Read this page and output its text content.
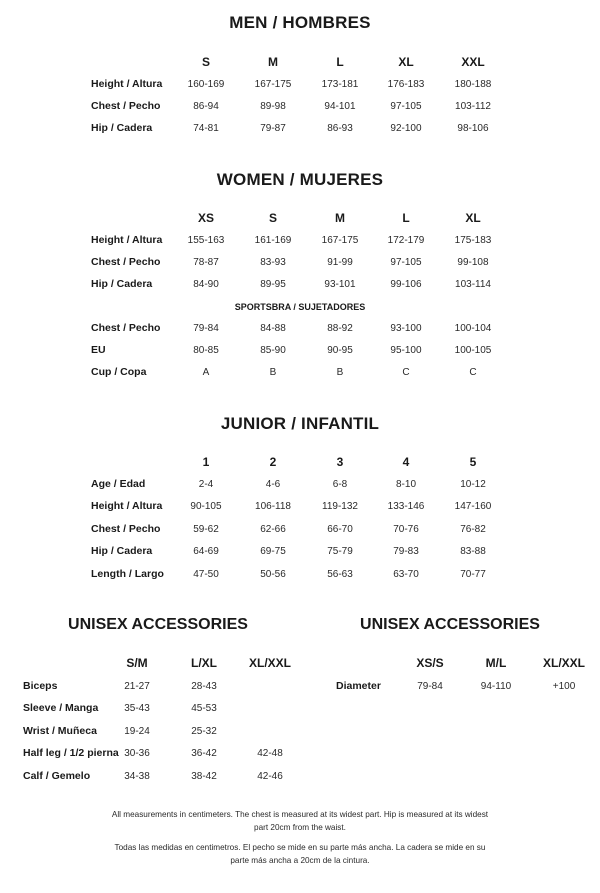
MEN / HOMBRES
S	M	L	XL	XXL
Height / Altura	160-169	167-175	173-181	176-183	180-188
Chest / Pecho	86-94	89-98	94-101	97-105	103-112
Hip / Cadera	74-81	79-87	86-93	92-100	98-106
WOMEN / MUJERES
XS	S	M	L	XL
Height / Altura	155-163	161-169	167-175	172-179	175-183
Chest / Pecho	78-87	83-93	91-99	97-105	99-108
Hip / Cadera	84-90	89-95	93-101	99-106	103-114
SPORTSBRA / SUJETADORES
Chest / Pecho	79-84	84-88	88-92	93-100	100-104
EU	80-85	85-90	90-95	95-100	100-105
Cup / Copa	A	B	B	C	C
JUNIOR / INFANTIL
1	2	3	4	5
Age / Edad	2-4	4-6	6-8	8-10	10-12
Height / Altura	90-105	106-118	119-132	133-146	147-160
Chest / Pecho	59-62	62-66	66-70	70-76	76-82
Hip / Cadera	64-69	69-75	75-79	79-83	83-88
Length / Largo	47-50	50-56	56-63	63-70	70-77
UNISEX ACCESSORIES
S/M	L/XL	XL/XXL
Biceps	21-27	28-43
Sleeve / Manga	35-43	45-53
Wrist / Muñeca	19-24	25-32
Half leg / 1/2 pierna 30-36	36-42	42-48
Calf / Gemelo	34-38	38-42	42-46
UNISEX ACCESSORIES
XS/S	M/L	XL/XXL
Diameter	79-84	94-110	+100
All measurements in centimeters. The chest is measured at its widest part. Hip is measured at its widest part 20cm from the waist.
Todas las medidas en centimetros. El pecho se mide en su parte más ancha. La cadera se mide en su parte más ancha a 20cm de la cintura.
